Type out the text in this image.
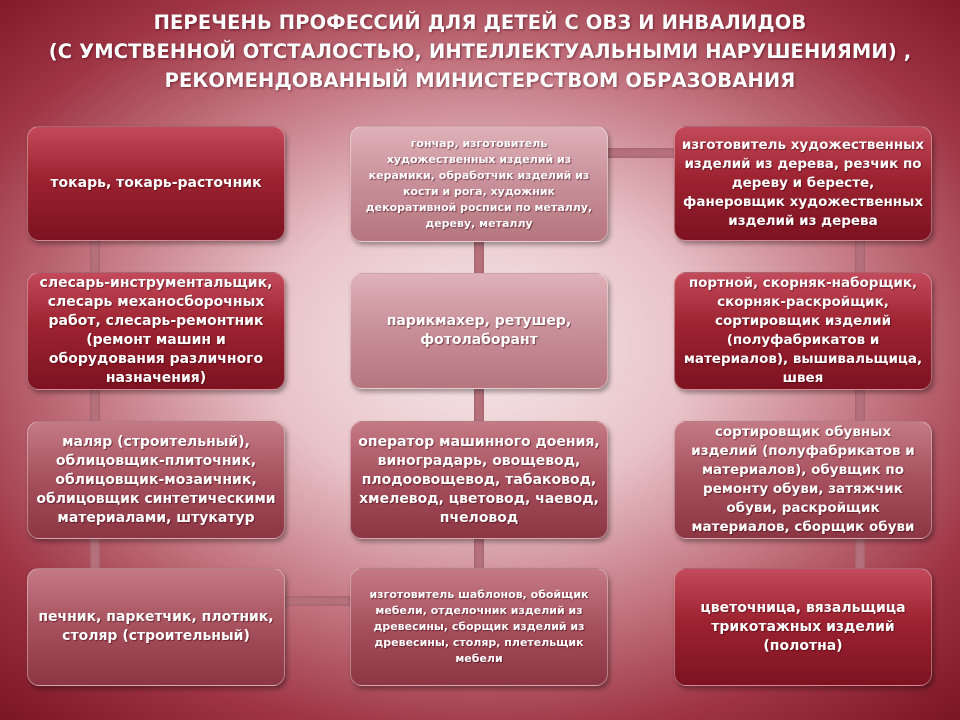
ПЕРЕЧЕНЬ ПРОФЕССИЙ ДЛЯ ДЕТЕЙ С ОВЗ И ИНВАЛИДОВ
(С УМСТВЕННОЙ ОТСТАЛОСТЬЮ, ИНТЕЛЛЕКТУАЛЬНЫМИ НАРУШЕНИЯМИ) ,
РЕКОМЕНДОВАННЫЙ МИНИСТЕРСТВОМ ОБРАЗОВАНИЯ
токарь, токарь-расточник
слесарь-инструментальщик, слесарь механосборочных работ, слесарь-ремонтник (ремонт машин и оборудования различного назначения)
маляр (строительный), облицовщик-плиточник, облицовщик-мозаичник, облицовщик синтетическими материалами, штукатур
печник, паркетчик, плотник, столяр (строительный)
гончар, изготовитель художественных изделий из керамики, обработчик изделий из кости и рога, художник декоративной росписи по металлу, дереву, металлу
парикмахер, ретушер, фотолаборант
оператор машинного доения, виноградарь, овощевод, плодоовощевод, табаковод, хмелевод, цветовод, чаевод, пчеловод
изготовитель шаблонов, обойщик мебели, отделочник изделий из древесины, сборщик изделий из древесины, столяр, плетельщик мебели
изготовитель художественных изделий из дерева, резчик по дереву и бересте, фанеровщик художественных изделий из дерева
портной, скорняк-наборщик, скорняк-раскройщик, сортировщик изделий (полуфабрикатов и материалов), вышивальщица, швея
сортировщик обувных изделий (полуфабрикатов и материалов), обувщик по ремонту обуви, затяжчик обуви, раскройщик материалов, сборщик обуви
цветочница, вязальщица трикотажных изделий (полотна)
